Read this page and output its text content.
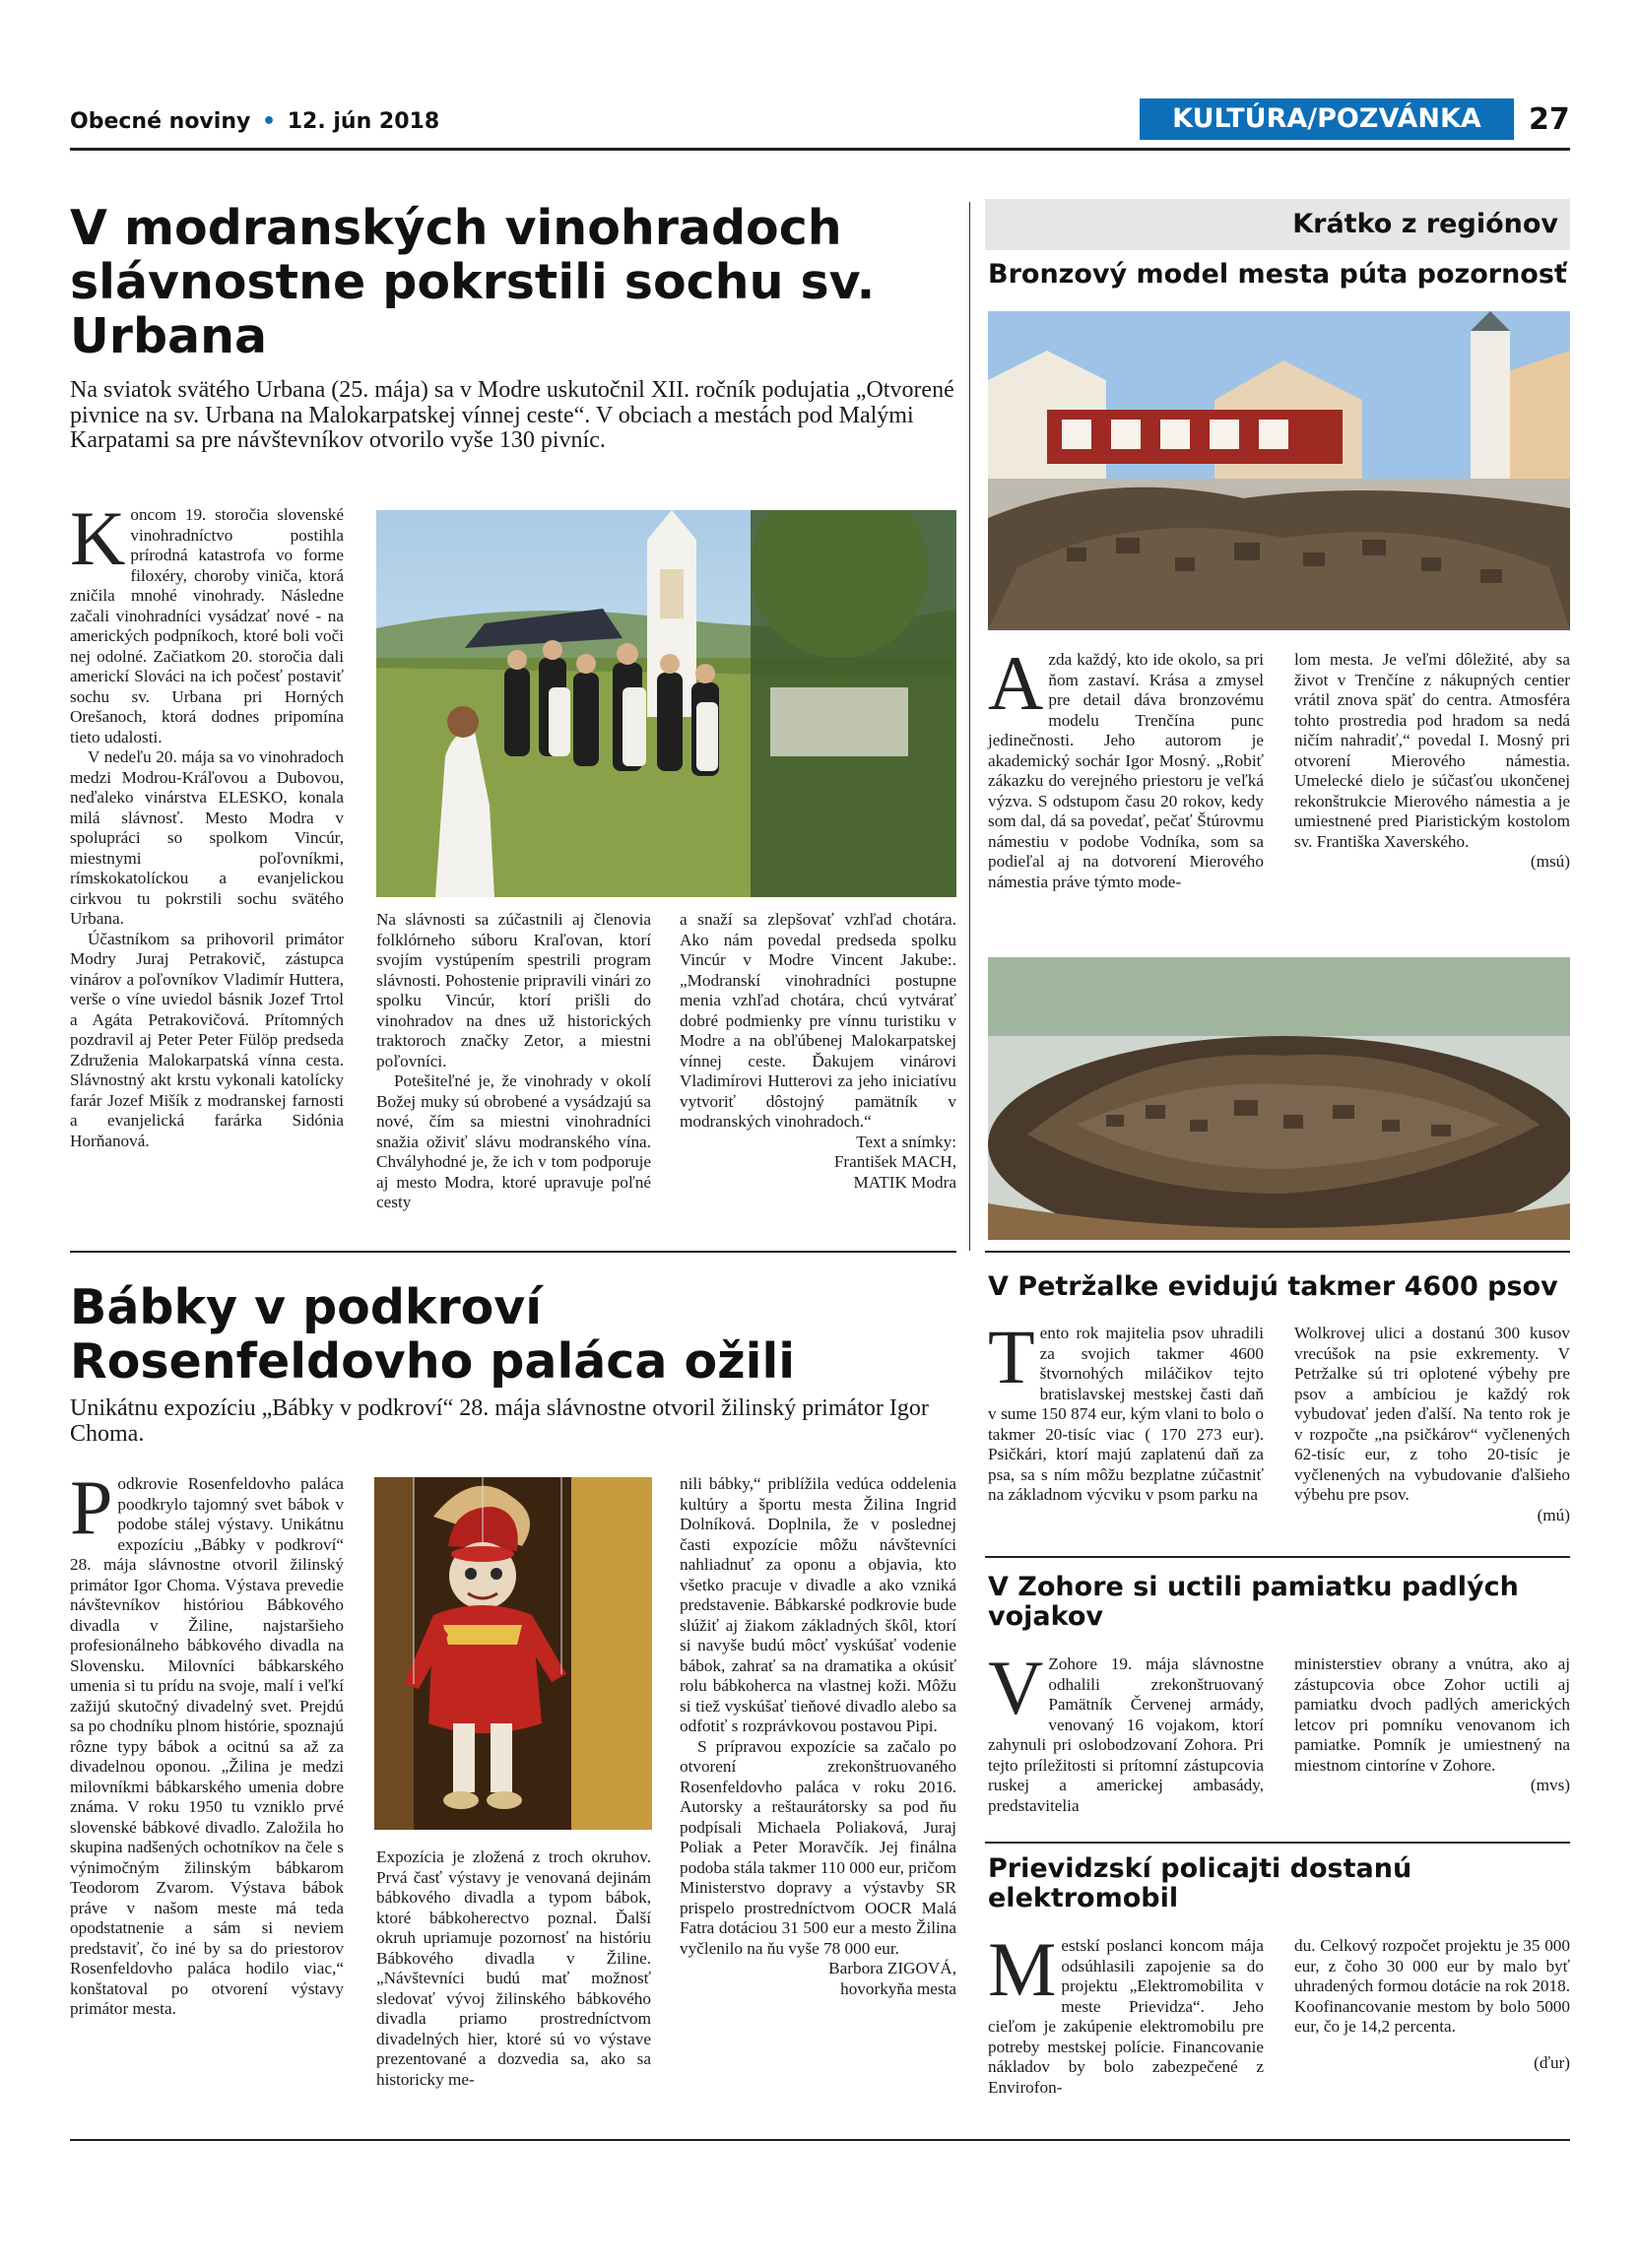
Obecné noviny • 12. jún 2018	KULTÚRA/POZVÁNKA	27
V modranských vinohradoch slávnostne pokrstili sochu sv. Urbana
Na sviatok svätého Urbana (25. mája) sa v Modre uskutočnil XII. ročník podujatia „Otvorené pivnice na sv. Urbana na Malokarpatskej vínnej ceste“. V obciach a mestách pod Malými Karpatami sa pre návštevníkov otvorilo vyše 130 pivníc.

Koncom 19. storočia slovenské vinohradníctvo postihla prírodná katastrofa vo forme filoxéry, choroby viniča, ktorá zničila mnohé vinohrady. Následne začali vinohradníci vysádzať nové - na amerických podpníkoch, ktoré boli voči nej odolné. Začiatkom 20. storočia dali americkí Slováci na ich počesť postaviť sochu sv. Urbana pri Horných Orešanoch, ktorá dodnes pripomína tieto udalosti.

V nedeľu 20. mája sa vo vinohradoch medzi Modrou-Kráľovou a Dubovou, neďaleko vinárstva ELESKO, konala milá slávnosť. Mesto Modra v spolupráci so spolkom Vincúr, miestnymi poľovníkmi, rímskokatolíckou a evanjelickou cirkvou tu pokrstili sochu svätého Urbana.

Účastníkom sa prihovoril primátor Modry Juraj Petrakovič, zástupca vinárov a poľovníkov Vladimír Huttera, verše o víne uviedol básnik Jozef Trtol a Agáta Petrakovičová. Prítomných pozdravil aj Peter Peter Fülöp predseda Združenia Malokarpatská vínna cesta. Slávnostný akt krstu vykonali katolícky farár Jozef Mišík z modranskej farnosti a evanjelická farárka Sidónia Horňanová.

Na slávnosti sa zúčastnili aj členovia folklórneho súboru Kraľovan, ktorí svojím vystúpením spestrili program slávnosti. Pohostenie pripravili vinári zo spolku Vincúr, ktorí prišli do vinohradov na dnes už historických traktoroch značky Zetor, a miestni poľovníci.

Potešiteľné je, že vinohrady v okolí Božej muky sú obrobené a vysádzajú sa nové, čím sa miestni vinohradníci snažia oživiť slávu modranského vína. Chvályhodné je, že ich v tom podporuje aj mesto Modra, ktoré upravuje poľné cesty

a snaží sa zlepšovať vzhľad chotára. Ako nám povedal predseda spolku Vincúr v Modre Vincent Jakube:. „Modranskí vinohradníci postupne menia vzhľad chotára, chcú vytvárať dobré podmienky pre vínnu turistiku v Modre a na obľúbenej Malokarpatskej vínnej ceste. Ďakujem vinárovi Vladimírovi Hutterovi za jeho iniciatívu vytvoriť dôstojný pamätník v modranských vinohradoch.“

Text a snímky:
František MACH,
MATIK Modra
Bábky v podkroví Rosenfeldovho paláca ožili
Unikátnu expozíciu „Bábky v podkroví“ 28. mája slávnostne otvoril žilinský primátor Igor Choma.

Podkrovie Rosenfeldovho paláca poodkrylo tajomný svet bábok v podobe stálej výstavy. Unikátnu expozíciu „Bábky v podkroví“ 28. mája slávnostne otvoril žilinský primátor Igor Choma. Výstava prevedie návštevníkov históriou Bábkového divadla v Žiline, najstaršieho profesionálneho bábkového divadla na Slovensku. Milovníci bábkarského umenia si tu prídu na svoje, malí i veľkí zažijú skutočný divadelný svet. Prejdú sa po chodníku plnom histórie, spoznajú rôzne typy bábok a ocitnú sa až za divadelnou oponou. „Žilina je medzi milovníkmi bábkarského umenia dobre známa. V roku 1950 tu vzniklo prvé slovenské bábkové divadlo. Založila ho skupina nadšených ochotníkov na čele s výnimočným žilinským bábkarom Teodorom Zvarom. Výstava bábok práve v našom meste má teda opodstatnenie a sám si neviem predstaviť, čo iné by sa do priestorov Rosenfeldovho paláca hodilo viac,“ konštatoval po otvorení výstavy primátor mesta.

Expozícia je zložená z troch okruhov. Prvá časť výstavy je venovaná dejinám bábkového divadla a typom bábok, ktoré bábkoherectvo poznal. Ďalší okruh upriamuje pozornosť na históriu Bábkového divadla v Žiline. „Návštevníci budú mať možnosť sledovať vývoj žilinského bábkového divadla priamo prostredníctvom divadelných hier, ktoré sú vo výstave prezentované a dozvedia sa, ako sa historicky me-

nili bábky,“ priblížila vedúca oddelenia kultúry a športu mesta Žilina Ingrid Dolníková. Doplnila, že v poslednej časti expozície môžu návštevníci nahliadnuť za oponu a objavia, kto všetko pracuje v divadle a ako vzniká predstavenie. Bábkarské podkrovie bude slúžiť aj žiakom základných škôl, ktorí si navyše budú môcť vyskúšať vodenie bábok, zahrať sa na dramatika a okúsiť rolu bábkoherca na vlastnej koži. Môžu si tiež vyskúšať tieňové divadlo alebo sa odfotiť s rozprávkovou postavou Pipi.

S prípravou expozície sa začalo po otvorení zrekonštruovaného Rosenfeldovho paláca v roku 2016. Autorsky a reštaurátorsky sa pod ňu podpísali Michaela Poliaková, Juraj Poliak a Peter Moravčík. Jej finálna podoba stála takmer 110 000 eur, pričom Ministerstvo dopravy a výstavby SR prispelo prostredníctvom OOCR Malá Fatra dotáciou 31 500 eur a mesto Žilina vyčlenilo na ňu vyše 78 000 eur.

Barbora ZIGOVÁ,
hovorkyňa mesta
Krátko z regiónov
Bronzový model mesta púta pozornosť

Azda každý, kto ide okolo, sa pri ňom zastaví. Krása a zmysel pre detail dáva bronzovému modelu Trenčína punc jedinečnosti. Jeho autorom je akademický sochár Igor Mosný. „Robiť zákazku do verejného priestoru je veľká výzva. S odstupom času 20 rokov, kedy som dal, dá sa povedať, pečať Štúrovmu námestiu v podobe Vodníka, som sa podieľal aj na dotvorení Mierového námestia práve týmto mode-

lom mesta. Je veľmi dôležité, aby sa život v Trenčíne z nákupných centier vrátil znova späť do centra. Atmosféra tohto prostredia pod hradom sa nedá ničím nahradiť,“ povedal I. Mosný pri otvorení Mierového námestia. Umelecké dielo je súčasťou ukončenej rekonštrukcie Mierového námestia a je umiestnené pred Piaristickým kostolom sv. Františka Xaverského.

(msú)
V Petržalke evidujú takmer 4600 psov

Tento rok majitelia psov uhradili za svojich takmer 4600 štvornohých miláčikov tejto bratislavskej mestskej časti daň v sume 150 874 eur, kým vlani to bolo o takmer 20-tisíc viac ( 170 273 eur). Psičkári, ktorí majú zaplatenú daň za psa, sa s ním môžu bezplatne zúčastniť na základnom výcviku v psom parku na

Wolkrovej ulici a dostanú 300 kusov vrecúšok na psie exkrementy. V Petržalke sú tri oplotené výbehy pre psov a ambíciou je každý rok vybudovať jeden ďalší. Na tento rok je v rozpočte „na psičkárov“ vyčlenených 62-tisíc eur, z toho 20-tisíc je vyčlenených na vybudovanie ďalšieho výbehu pre psov.

(mú)
V Zohore si uctili pamiatku padlých vojakov

V Zohore 19. mája slávnostne odhalili zrekonštruovaný Pamätník Červenej armády, venovaný 16 vojakom, ktorí zahynuli pri oslobodzovaní Zohora. Pri tejto príležitosti si prítomní zástupcovia ruskej a americkej ambasády, predstavitelia

ministerstiev obrany a vnútra, ako aj zástupcovia obce Zohor uctili aj pamiatku dvoch padlých amerických letcov pri pomníku venovanom ich pamiatke. Pomník je umiestnený na miestnom cintoríne v Zohore.

(mvs)
Prievidzskí policajti dostanú elektromobil

Mestskí poslanci koncom mája odsúhlasili zapojenie sa do projektu „Elektromobilita v meste Prievidza“. Jeho cieľom je zakúpenie elektromobilu pre potreby mestskej polície. Financovanie nákladov by bolo zabezpečené z Envirofon-

du. Celkový rozpočet projektu je 35 000 eur, z čoho 30 000 eur by malo byť uhradených formou dotácie na rok 2018. Koofinancovanie mestom by bolo 5000 eur, čo je 14,2 percenta.

(ďur)
